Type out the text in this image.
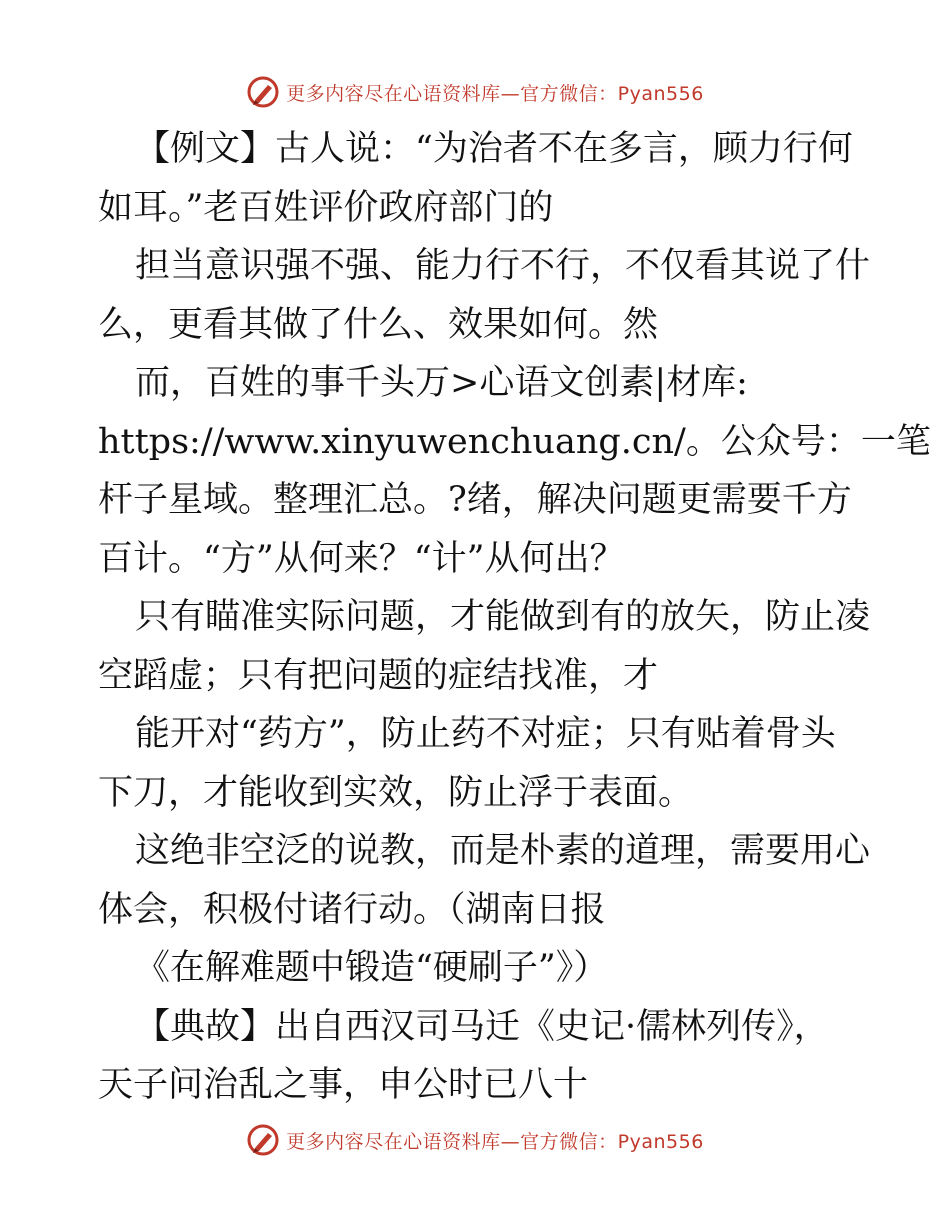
更多内容尽在心语资料库—官方微信：Pyan556
【例文】古人说：“为治者不在多言，顾力行何
如耳。”老百姓评价政府部门的
担当意识强不强、能力行不行，不仅看其说了什
么，更看其做了什么、效果如何。然
而，百姓的事千头万>心语文创素|材库:
https://www.xinyuwenchuang.cn/。公众号：一笔
杆子星域。整理汇总。?绪，解决问题更需要千方
百计。“方”从何来？“计”从何出？
只有瞄准实际问题，才能做到有的放矢，防止凌
空蹈虚；只有把问题的症结找准，才
能开对“药方”，防止药不对症；只有贴着骨头
下刀，才能收到实效，防止浮于表面。
这绝非空泛的说教，而是朴素的道理，需要用心
体会，积极付诸行动。（湖南日报
《在解难题中锻造“硬刷子”》）
【典故】出自西汉司马迁《史记·儒林列传》，
天子问治乱之事，申公时已八十
更多内容尽在心语资料库—官方微信：Pyan556
